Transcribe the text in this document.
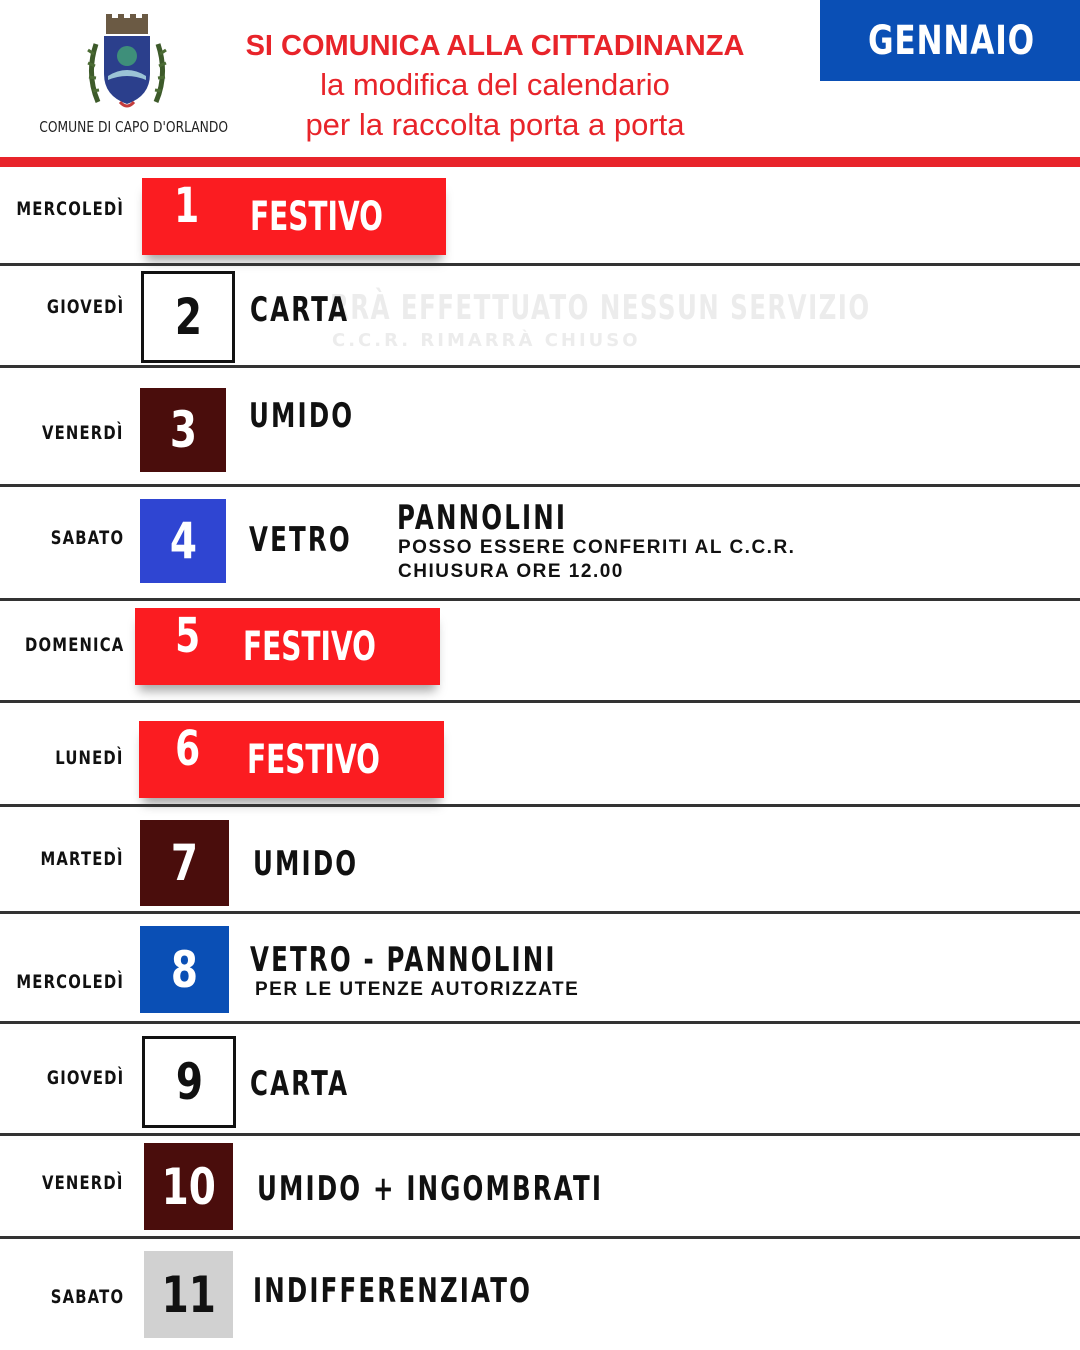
COMUNE DI CAPO D'ORLANDO
SI COMUNICA ALLA CITTADINANZA
la modifica del calendario
per la raccolta porta a porta
GENNAIO
RRÀ EFFETTUATO NESSUN SERVIZIO
C.C.R. RIMARRÀ CHIUSO
MERCOLEDÌ 1 FESTIVO
GIOVEDÌ 2 CARTA
VENERDÌ 3 UMIDO
SABATO 4 VETRO
PANNOLINI
POSSO ESSERE CONFERITI AL C.C.R.
CHIUSURA ORE 12.00
DOMENICA 5 FESTIVO
LUNEDÌ 6 FESTIVO
MARTEDÌ 7 UMIDO
MERCOLEDÌ 8 VETRO - PANNOLINI
PER LE UTENZE AUTORIZZATE
GIOVEDÌ 9 CARTA
VENERDÌ 10 UMIDO + INGOMBRATI
SABATO 11 INDIFFERENZIATO
